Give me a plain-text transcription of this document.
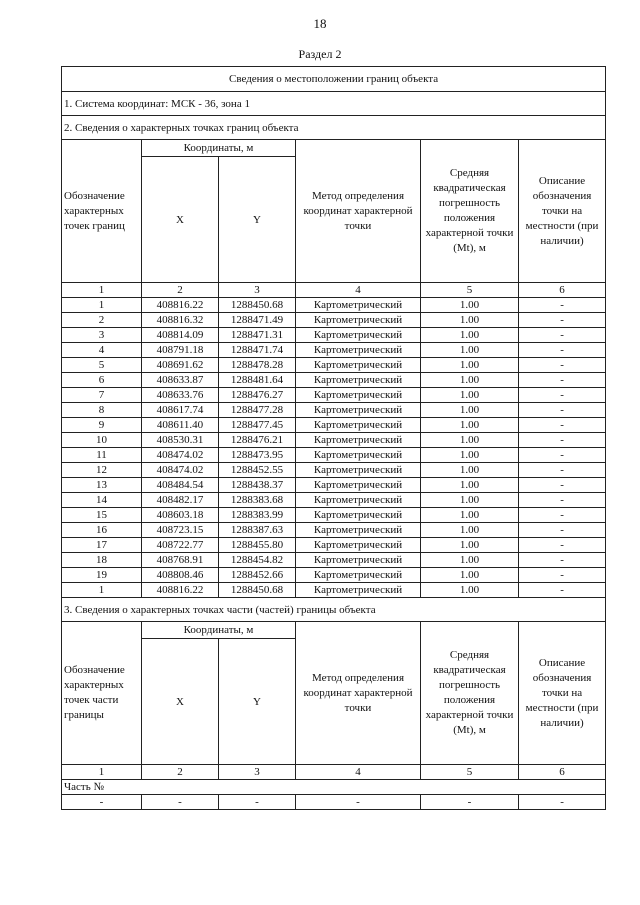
18
Раздел 2
Сведения о местоположении границ объекта					
1. Система координат: МСК - 36, зона 1					
2. Сведения о характерных точках границ объекта					
Обозначение характерных точек границ	Координаты, м		Метод определения координат характерной точки	Средняя квадратическая погрешность положения характерной точки (Mt), м	Описание обозначения точки на местности (при наличии)
	X	Y			
1	2	3	4	5	6
1	408816.22	1288450.68	Картометрический	1.00	-
2	408816.32	1288471.49	Картометрический	1.00	-
3	408814.09	1288471.31	Картометрический	1.00	-
4	408791.18	1288471.74	Картометрический	1.00	-
5	408691.62	1288478.28	Картометрический	1.00	-
6	408633.87	1288481.64	Картометрический	1.00	-
7	408633.76	1288476.27	Картометрический	1.00	-
8	408617.74	1288477.28	Картометрический	1.00	-
9	408611.40	1288477.45	Картометрический	1.00	-
10	408530.31	1288476.21	Картометрический	1.00	-
11	408474.02	1288473.95	Картометрический	1.00	-
12	408474.02	1288452.55	Картометрический	1.00	-
13	408484.54	1288438.37	Картометрический	1.00	-
14	408482.17	1288383.68	Картометрический	1.00	-
15	408603.18	1288383.99	Картометрический	1.00	-
16	408723.15	1288387.63	Картометрический	1.00	-
17	408722.77	1288455.80	Картометрический	1.00	-
18	408768.91	1288454.82	Картометрический	1.00	-
19	408808.46	1288452.66	Картометрический	1.00	-
1	408816.22	1288450.68	Картометрический	1.00	-
3. Сведения о характерных точках части (частей) границы объекта					
Обозначение характерных точек части границы	Координаты, м		Метод определения координат характерной точки	Средняя квадратическая погрешность положения характерной точки (Mt), м	Описание обозначения точки на местности (при наличии)
	X	Y			
1	2	3	4	5	6
Часть №					
-	-	-	-	-	-
